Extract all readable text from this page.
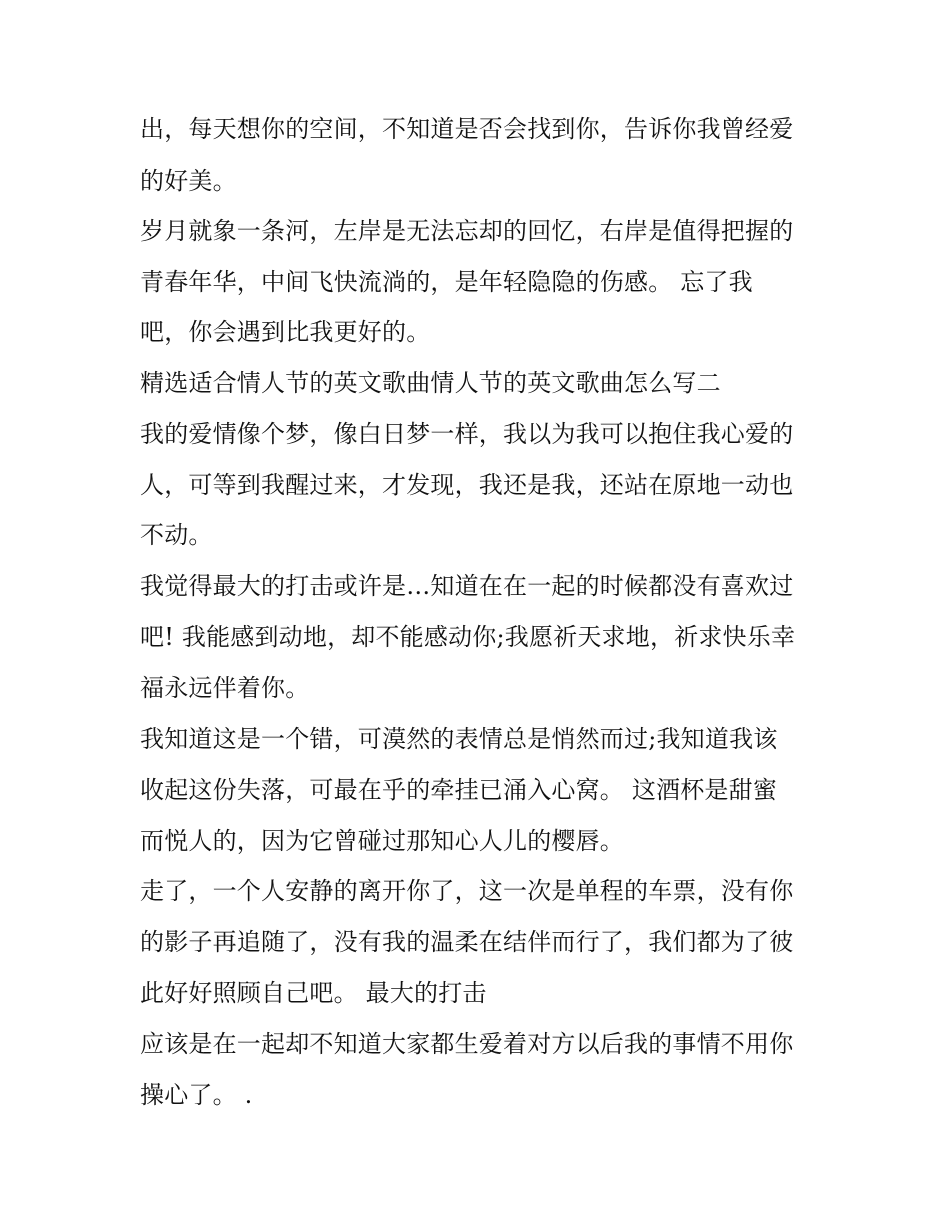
出，每天想你的空间，不知道是否会找到你，告诉你我曾经爱
的好美。
岁月就象一条河，左岸是无法忘却的回忆，右岸是值得把握的
青春年华，中间飞快流淌的，是年轻隐隐的伤感。 忘了我
吧，你会遇到比我更好的。
精选适合情人节的英文歌曲情人节的英文歌曲怎么写二
我的爱情像个梦，像白日梦一样，我以为我可以抱住我心爱的
人，可等到我醒过来，才发现，我还是我，还站在原地一动也
不动。
我觉得最大的打击或许是…知道在在一起的时候都没有喜欢过
吧! 我能感到动地，却不能感动你;我愿祈天求地，祈求快乐幸
福永远伴着你。
我知道这是一个错，可漠然的表情总是悄然而过;我知道我该
收起这份失落，可最在乎的牵挂已涌入心窝。 这酒杯是甜蜜
而悦人的，因为它曾碰过那知心人儿的樱唇。
走了，一个人安静的离开你了，这一次是单程的车票，没有你
的影子再追随了，没有我的温柔在结伴而行了，我们都为了彼
此好好照顾自己吧。 最大的打击
应该是在一起却不知道大家都生爱着对方以后我的事情不用你
操心了。 .
